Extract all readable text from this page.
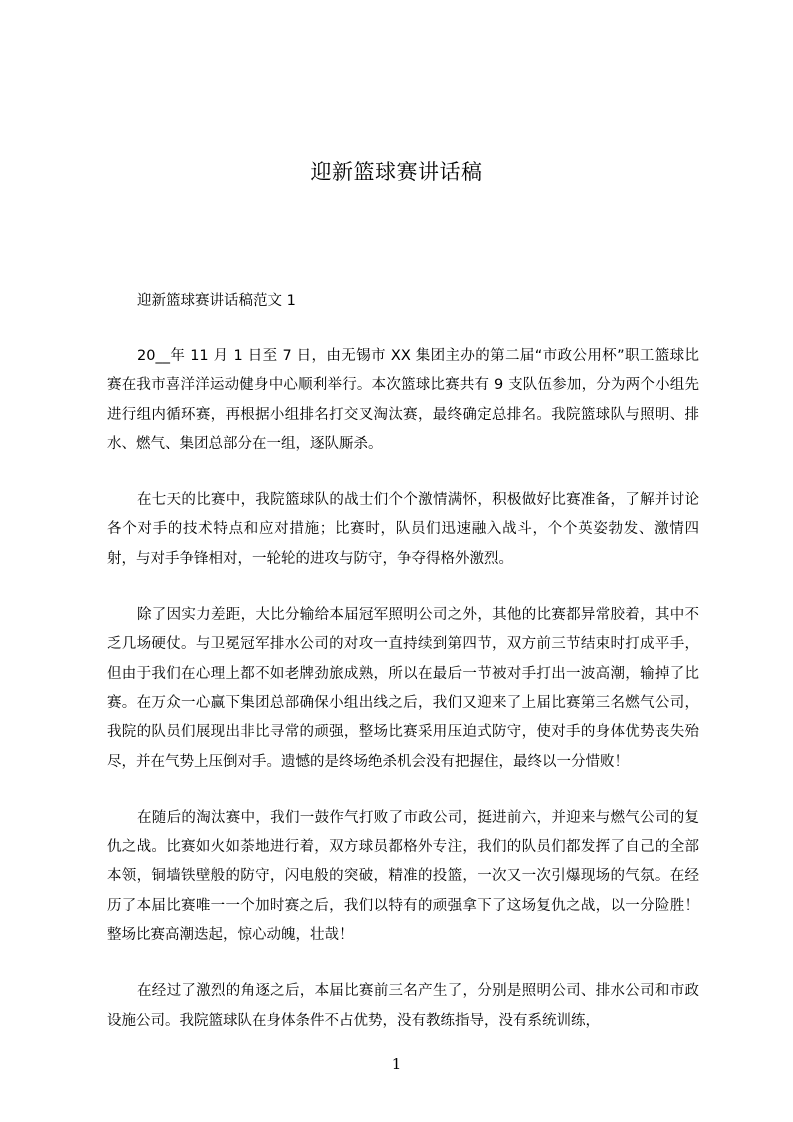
迎新篮球赛讲话稿

迎新篮球赛讲话稿范文 1

20__年 11 月 1 日至 7 日，由无锡市 XX 集团主办的第二届“市政公用杯”职工篮球比赛在我市喜洋洋运动健身中心顺利举行。本次篮球比赛共有 9 支队伍参加，分为两个小组先进行组内循环赛，再根据小组排名打交叉淘汰赛，最终确定总排名。我院篮球队与照明、排水、燃气、集团总部分在一组，逐队厮杀。

在七天的比赛中，我院篮球队的战士们个个激情满怀，积极做好比赛准备，了解并讨论各个对手的技术特点和应对措施；比赛时，队员们迅速融入战斗，个个英姿勃发、激情四射，与对手争锋相对，一轮轮的进攻与防守，争夺得格外激烈。

除了因实力差距，大比分输给本届冠军照明公司之外，其他的比赛都异常胶着，其中不乏几场硬仗。与卫冕冠军排水公司的对攻一直持续到第四节，双方前三节结束时打成平手，但由于我们在心理上都不如老牌劲旅成熟，所以在最后一节被对手打出一波高潮，输掉了比赛。在万众一心赢下集团总部确保小组出线之后，我们又迎来了上届比赛第三名燃气公司，我院的队员们展现出非比寻常的顽强，整场比赛采用压迫式防守，使对手的身体优势丧失殆尽，并在气势上压倒对手。遗憾的是终场绝杀机会没有把握住，最终以一分惜败！

在随后的淘汰赛中，我们一鼓作气打败了市政公司，挺进前六，并迎来与燃气公司的复仇之战。比赛如火如荼地进行着，双方球员都格外专注，我们的队员们都发挥了自己的全部本领，铜墙铁壁般的防守，闪电般的突破，精准的投篮，一次又一次引爆现场的气氛。在经历了本届比赛唯一一个加时赛之后，我们以特有的顽强拿下了这场复仇之战，以一分险胜！整场比赛高潮迭起，惊心动魄，壮哉！

在经过了激烈的角逐之后，本届比赛前三名产生了，分别是照明公司、排水公司和市政设施公司。我院篮球队在身体条件不占优势，没有教练指导，没有系统训练，

1
